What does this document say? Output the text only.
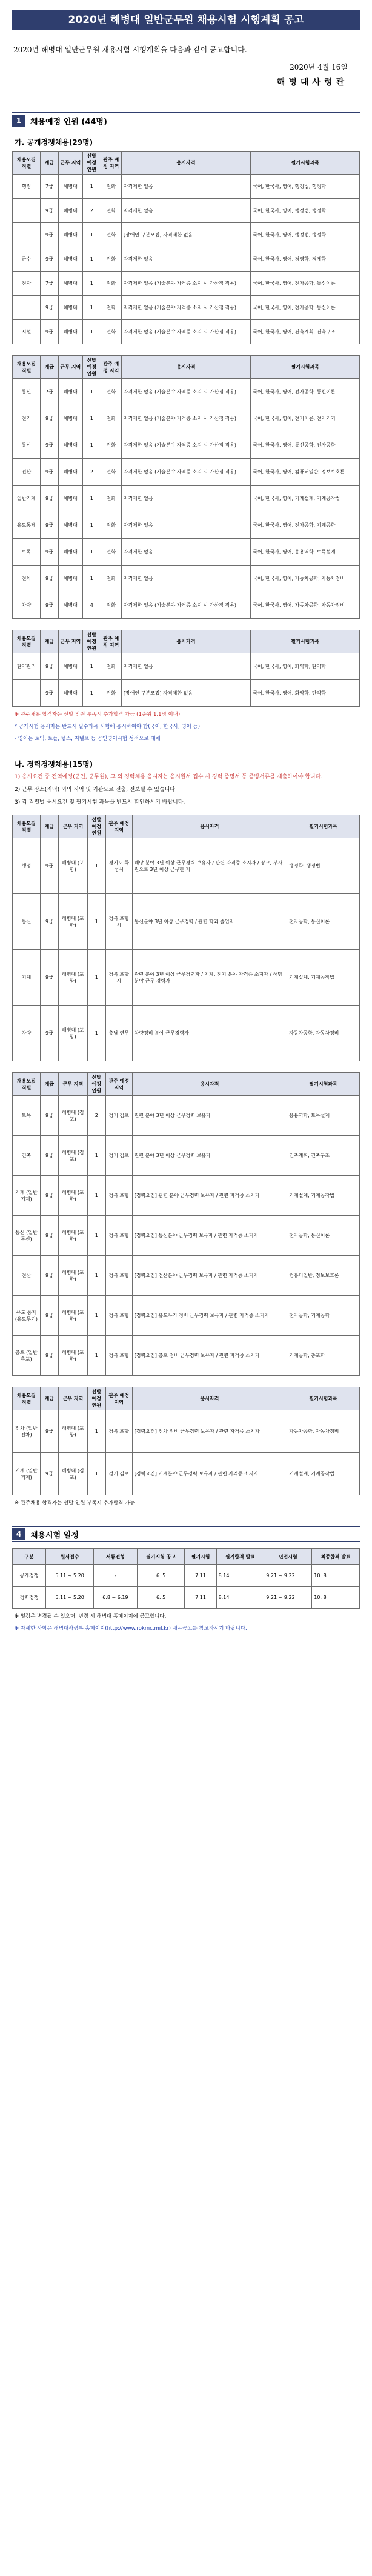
2020년 해병대 일반군무원 채용시험 시행계획 공고
2020년 해병대 일반군무원 채용시험 시행계획을 다음과 같이 공고합니다.
2020년 4월 16일
해병대사령관
1	채용예정 인원 (44명)
가. 공개경쟁채용(29명)
채용모집 직렬	계급	근무 지역	선발 예정 인원	관주 예정 지역	응시자격	필기시험과목
행정	7급	해병대	1	전화	자격제한 없음	국어, 한국사, 영어, 행정법, 행정학
	9급	해병대	2	전화	자격제한 없음	국어, 한국사, 영어, 행정법, 행정학
	9급	해병대	1	전화	[장애인 구분모집] 자격제한 없음	국어, 한국사, 영어, 행정법, 행정학
군수	9급	해병대	1	전화	자격제한 없음	국어, 한국사, 영어, 경영학, 경제학
전자	7급	해병대	1	전화	자격제한 없음 (기술분야 자격증 소지 시 가산점 적용)	국어, 한국사, 영어, 전자공학, 통신이론
	9급	해병대	1	전화	자격제한 없음 (기술분야 자격증 소지 시 가산점 적용)	국어, 한국사, 영어, 전자공학, 통신이론
시설	9급	해병대	1	전화	자격제한 없음 (기술분야 자격증 소지 시 가산점 적용)	국어, 한국사, 영어, 건축계획, 건축구조
채용모집 직렬	계급	근무 지역	선발 예정 인원	관주 예정 지역	응시자격	필기시험과목
통신	7급	해병대	1	전화	자격제한 없음 (기술분야 자격증 소지 시 가산점 적용)	국어, 한국사, 영어, 전자공학, 통신이론
전기	9급	해병대	1	전화	자격제한 없음 (기술분야 자격증 소지 시 가산점 적용)	국어, 한국사, 영어, 전기이론, 전기기기
통신	9급	해병대	1	전화	자격제한 없음 (기술분야 자격증 소지 시 가산점 적용)	국어, 한국사, 영어, 통신공학, 전자공학
전산	9급	해병대	2	전화	자격제한 없음 (기술분야 자격증 소지 시 가산점 적용)	국어, 한국사, 영어, 컴퓨터일반, 정보보호론
일반기계	9급	해병대	1	전화	자격제한 없음	국어, 한국사, 영어, 기계설계, 기계공작법
유도통제	9급	해병대	1	전화	자격제한 없음	국어, 한국사, 영어, 전자공학, 기계공학
토목	9급	해병대	1	전화	자격제한 없음	국어, 한국사, 영어, 응용역학, 토목설계
전차	9급	해병대	1	전화	자격제한 없음	국어, 한국사, 영어, 자동차공학, 자동차정비
차량	9급	해병대	4	전화	자격제한 없음 (기술분야 자격증 소지 시 가산점 적용)	국어, 한국사, 영어, 자동차공학, 자동차정비
채용모집 직렬	계급	근무 지역	선발 예정 인원	관주 예정 지역	응시자격	필기시험과목
탄약관리	9급	해병대	1	전화	자격제한 없음	국어, 한국사, 영어, 화약학, 탄약학
	9급	해병대	1	전화	[장애인 구분모집] 자격제한 없음	국어, 한국사, 영어, 화약학, 탄약학
※ 관주채용 합격자는 선발 인원 부족시 추가합격 가능 (1순위 1.1명 이내)
* 공개시험 응시자는 반드시 필수과목 시험에 응시하여야 함(국어, 한국사, 영어 등)
- 영어는 토익, 토플, 텝스, 지텔프 등 공인영어시험 성적으로 대체
나. 경력경쟁채용(15명)
1) 응시요건 중 전역예정(군인, 군무원), 그 외 경력채용 응시자는 응시원서 접수 시 경력 증명서 등 증빙서류를 제출하여야 합니다.
2) 근무 장소(지역) 외의 지역 및 기관으로 전출, 전보될 수 있습니다.
3) 각 직렬별 응시요건 및 필기시험 과목을 반드시 확인하시기 바랍니다.
채용모집 직렬	계급	근무 지역	선발 예정 인원	관주 예정 지역	응시자격	필기시험과목
행정	9급	해병대 (포항)	1	경기도 화성시	해당 분야 3년 이상 근무경력 보유자 / 관련 자격증 소지자 / 장교, 부사관으로 3년 이상 근무한 자	행정학, 행정법
통신	9급	해병대 (포항)	1	경북 포항시	통신분야 3년 이상 근무경력 / 관련 학과 졸업자	전자공학, 통신이론
기계	9급	해병대 (포항)	1	경북 포항시	관련 분야 3년 이상 근무경력자 / 기계, 전기 분야 자격증 소지자 / 해당 분야 근무 경력자	기계설계, 기계공작법
차량	9급	해병대 (포항)	1	충남 연무	차량정비 분야 근무경력자	자동차공학, 자동차정비
채용모집 직렬	계급	근무 지역	선발 예정 인원	관주 예정 지역	응시자격	필기시험과목
토목	9급	해병대 (김포)	2	경기 김포	관련 분야 3년 이상 근무경력 보유자	응용역학, 토목설계
건축	9급	해병대 (김포)	1	경기 김포	관련 분야 3년 이상 근무경력 보유자	건축계획, 건축구조
기계 (일반기계)	9급	해병대 (포항)	1	경북 포항	[경력요건] 관련 분야 근무경력 보유자 / 관련 자격증 소지자	기계설계, 기계공작법
통신 (일반통신)	9급	해병대 (포항)	1	경북 포항	[경력요건] 통신분야 근무경력 보유자 / 관련 자격증 소지자	전자공학, 통신이론
전산	9급	해병대 (포항)	1	경북 포항	[경력요건] 전산분야 근무경력 보유자 / 관련 자격증 소지자	컴퓨터일반, 정보보호론
유도 통제 (유도무기)	9급	해병대 (포항)	1	경북 포항	[경력요건] 유도무기 정비 근무경력 보유자 / 관련 자격증 소지자	전자공학, 기계공학
총포 (일반총포)	9급	해병대 (포항)	1	경북 포항	[경력요건] 총포 정비 근무경력 보유자 / 관련 자격증 소지자	기계공학, 총포학
채용모집 직렬	계급	근무 지역	선발 예정 인원	관주 예정 지역	응시자격	필기시험과목
전차 (일반전차)	9급	해병대 (포항)	1	경북 포항	[경력요건] 전차 정비 근무경력 보유자 / 관련 자격증 소지자	자동차공학, 자동차정비
기계 (일반기계)	9급	해병대 (김포)	1	경기 김포	[경력요건] 기계분야 근무경력 보유자 / 관련 자격증 소지자	기계설계, 기계공작법
※ 관주채용 합격자는 선발 인원 부족시 추가합격 가능
4	채용시험 일정
구분	원서접수	서류전형	필기시험 공고	필기시험	필기합격 발표	면접시험	최종합격 발표
공개경쟁	5.11 ~ 5.20	-	6. 5	7.11	8.14	9.21 ~ 9.22	10. 8
경력경쟁	5.11 ~ 5.20	6.8 ~ 6.19	6. 5	7.11	8.14	9.21 ~ 9.22	10. 8
※ 일정은 변경될 수 있으며, 변경 시 해병대 홈페이지에 공고합니다.
※ 자세한 사항은 해병대사령부 홈페이지(http://www.rokmc.mil.kr) 채용공고를 참고하시기 바랍니다.
